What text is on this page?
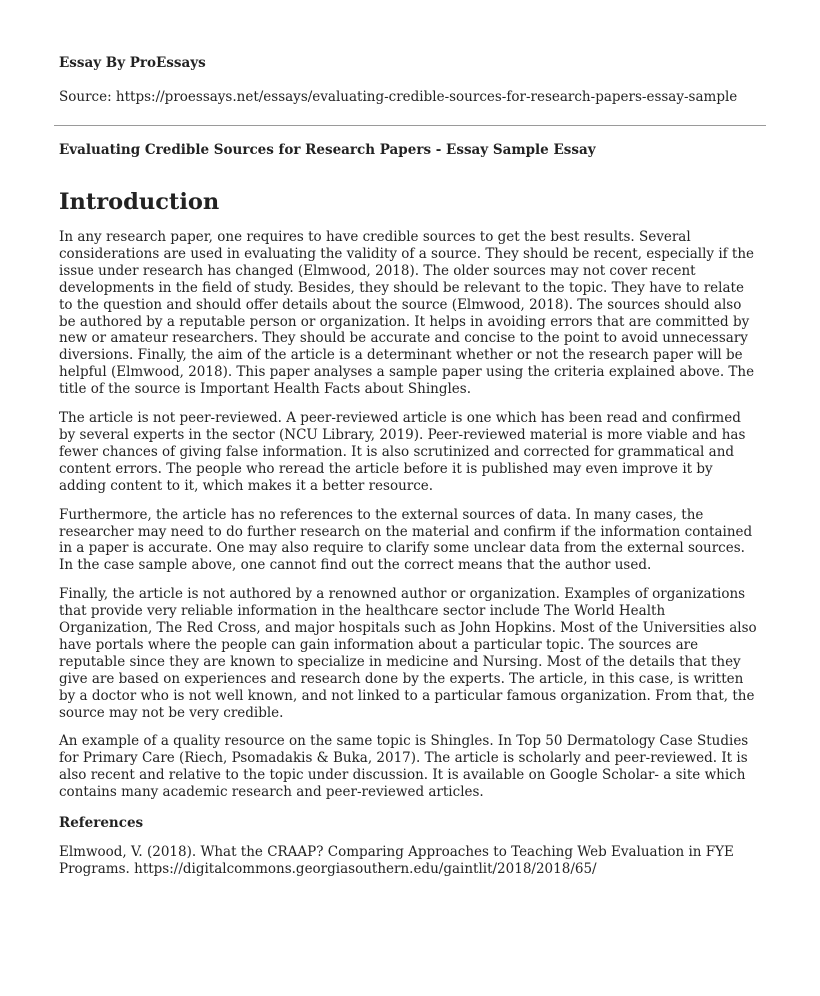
Essay By ProEssays

Source: https://proessays.net/essays/evaluating-credible-sources-for-research-papers-essay-sample

Evaluating Credible Sources for Research Papers - Essay Sample Essay

Introduction

In any research paper, one requires to have credible sources to get the best results. Several considerations are used in evaluating the validity of a source. They should be recent, especially if the issue under research has changed (Elmwood, 2018). The older sources may not cover recent developments in the field of study. Besides, they should be relevant to the topic. They have to relate to the question and should offer details about the source (Elmwood, 2018). The sources should also be authored by a reputable person or organization. It helps in avoiding errors that are committed by new or amateur researchers. They should be accurate and concise to the point to avoid unnecessary diversions. Finally, the aim of the article is a determinant whether or not the research paper will be helpful (Elmwood, 2018). This paper analyses a sample paper using the criteria explained above. The title of the source is Important Health Facts about Shingles.

The article is not peer-reviewed. A peer-reviewed article is one which has been read and confirmed by several experts in the sector (NCU Library, 2019). Peer-reviewed material is more viable and has fewer chances of giving false information. It is also scrutinized and corrected for grammatical and content errors. The people who reread the article before it is published may even improve it by adding content to it, which makes it a better resource.

Furthermore, the article has no references to the external sources of data. In many cases, the researcher may need to do further research on the material and confirm if the information contained in a paper is accurate. One may also require to clarify some unclear data from the external sources. In the case sample above, one cannot find out the correct means that the author used.

Finally, the article is not authored by a renowned author or organization. Examples of organizations that provide very reliable information in the healthcare sector include The World Health Organization, The Red Cross, and major hospitals such as John Hopkins. Most of the Universities also have portals where the people can gain information about a particular topic. The sources are reputable since they are known to specialize in medicine and Nursing. Most of the details that they give are based on experiences and research done by the experts. The article, in this case, is written by a doctor who is not well known, and not linked to a particular famous organization. From that, the source may not be very credible.

An example of a quality resource on the same topic is Shingles. In Top 50 Dermatology Case Studies for Primary Care (Riech, Psomadakis & Buka, 2017). The article is scholarly and peer-reviewed. It is also recent and relative to the topic under discussion. It is available on Google Scholar- a site which contains many academic research and peer-reviewed articles.

References

Elmwood, V. (2018). What the CRAAP? Comparing Approaches to Teaching Web Evaluation in FYE Programs. https://digitalcommons.georgiasouthern.edu/gaintlit/2018/2018/65/
